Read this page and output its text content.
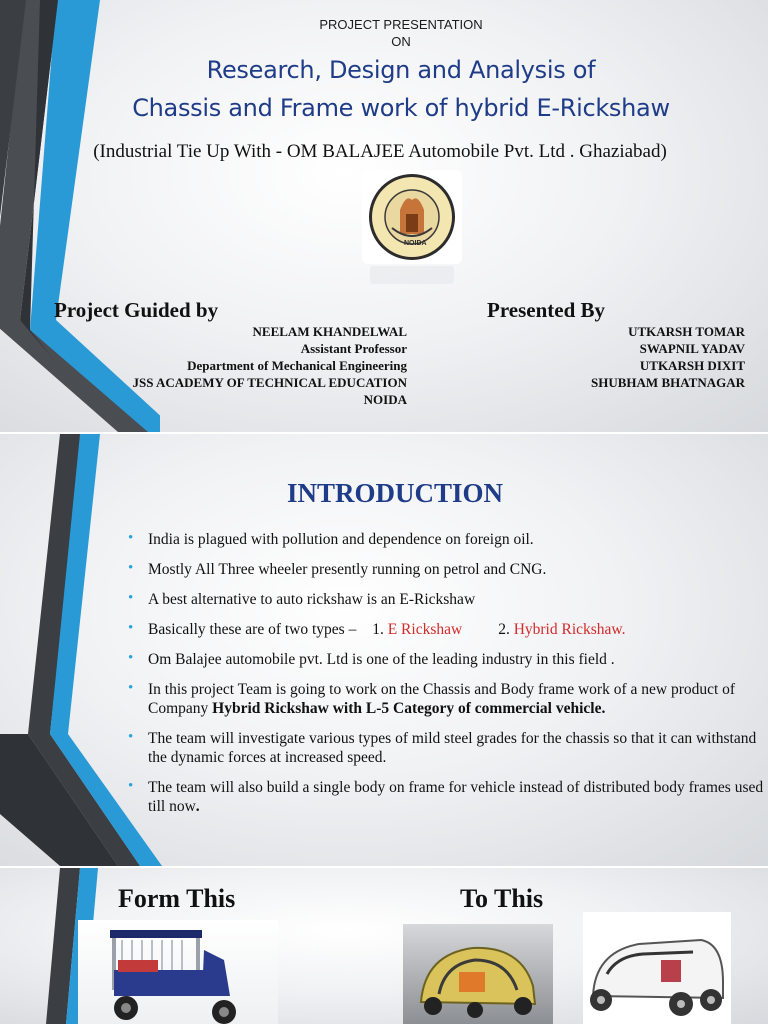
PROJECT PRESENTATION

ON

Research, Design and Analysis of

Chassis and Frame work of hybrid E-Rickshaw

(Industrial Tie Up With - OM BALAJEE Automobile Pvt. Ltd . Ghaziabad)

NOIDA

Project Guided by

NEELAM KHANDELWAL
Assistant Professor
Department of Mechanical Engineering
JSS ACADEMY OF TECHNICAL EDUCATION
NOIDA

Presented By

UTKARSH TOMAR
SWAPNIL YADAV
UTKARSH DIXIT
SHUBHAM BHATNAGAR

INTRODUCTION

• India is plagued with pollution and dependence on foreign oil.
• Mostly All Three wheeler presently running on petrol and CNG.
• A best alternative to auto rickshaw is an E-Rickshaw
• Basically these are of two types – 1. E Rickshaw 2. Hybrid Rickshaw.
• Om Balajee automobile pvt. Ltd is one of the leading industry in this field .
• In this project Team is going to work on the Chassis and Body frame work of a new product of Company Hybrid Rickshaw with L-5 Category of commercial vehicle.
• The team will investigate various types of mild steel grades for the chassis so that it can withstand the dynamic forces at increased speed.
• The team will also build a single body on frame for vehicle instead of distributed body frames used till now.

Form This	To This
